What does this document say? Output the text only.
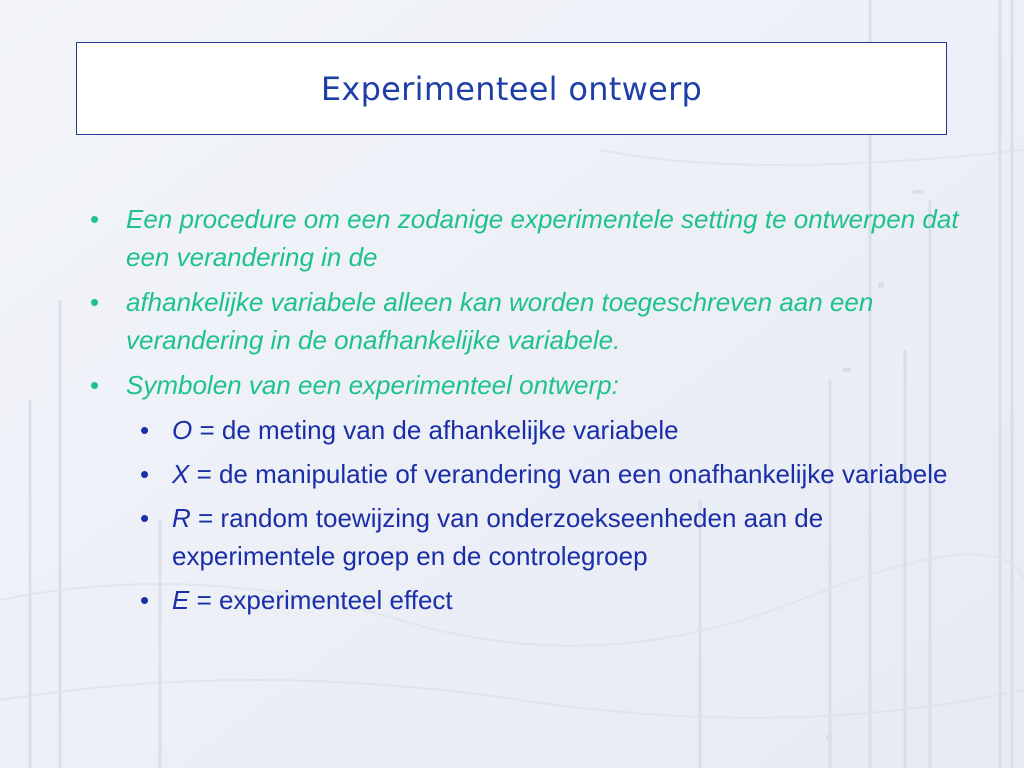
Experimenteel ontwerp
• Een procedure om een zodanige experimentele setting te ontwerpen dat een verandering in de
• afhankelijke variabele alleen kan worden toegeschreven aan een verandering in de onafhankelijke variabele.
• Symbolen van een experimenteel ontwerp:
• O = de meting van de afhankelijke variabele
• X = de manipulatie of verandering van een onafhankelijke variabele
• R = random toewijzing van onderzoekseenheden aan de experimentele groep en de controlegroep
• E = experimenteel effect
